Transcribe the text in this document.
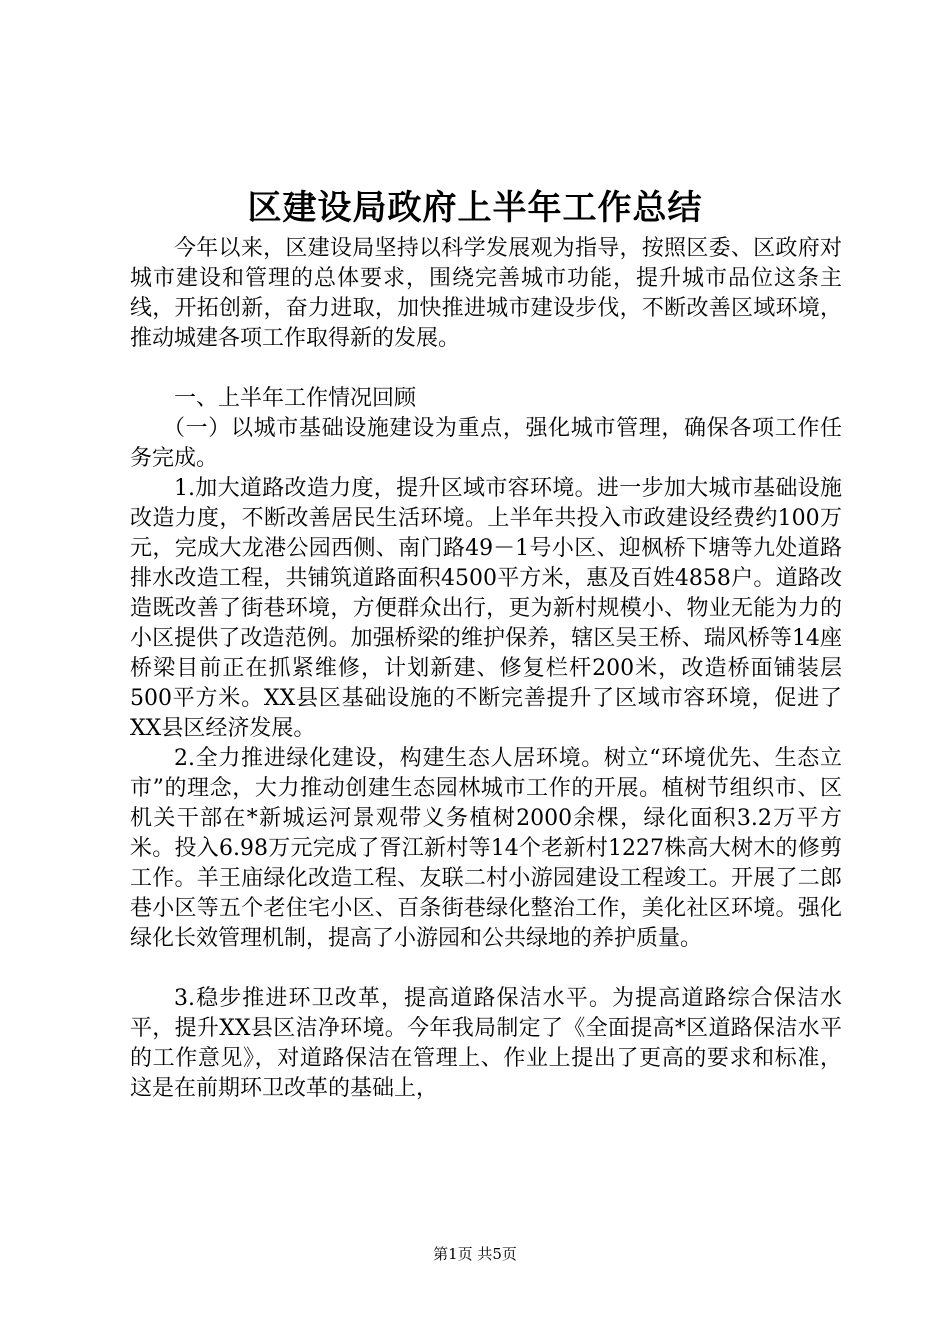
区建设局政府上半年工作总结

今年以来，区建设局坚持以科学发展观为指导，按照区委、区政府对城市建设和管理的总体要求，围绕完善城市功能，提升城市品位这条主线，开拓创新，奋力进取，加快推进城市建设步伐，不断改善区域环境，推动城建各项工作取得新的发展。

一、上半年工作情况回顾

（一）以城市基础设施建设为重点，强化城市管理，确保各项工作任务完成。

1.加大道路改造力度，提升区域市容环境。进一步加大城市基础设施改造力度，不断改善居民生活环境。上半年共投入市政建设经费约100万元，完成大龙港公园西侧、南门路49－1号小区、迎枫桥下塘等九处道路排水改造工程，共铺筑道路面积4500平方米，惠及百姓4858户。道路改造既改善了街巷环境，方便群众出行，更为新村规模小、物业无能为力的小区提供了改造范例。加强桥梁的维护保养，辖区吴王桥、瑞风桥等14座桥梁目前正在抓紧维修，计划新建、修复栏杆200米，改造桥面铺装层500平方米。XX县区基础设施的不断完善提升了区域市容环境，促进了XX县区经济发展。

2.全力推进绿化建设，构建生态人居环境。树立“环境优先、生态立市”的理念，大力推动创建生态园林城市工作的开展。植树节组织市、区机关干部在*新城运河景观带义务植树2000余棵，绿化面积3.2万平方米。投入6.98万元完成了胥江新村等14个老新村1227株高大树木的修剪工作。羊王庙绿化改造工程、友联二村小游园建设工程竣工。开展了二郎巷小区等五个老住宅小区、百条街巷绿化整治工作，美化社区环境。强化绿化长效管理机制，提高了小游园和公共绿地的养护质量。

3.稳步推进环卫改革，提高道路保洁水平。为提高道路综合保洁水平，提升XX县区洁净环境。今年我局制定了《全面提高*区道路保洁水平的工作意见》，对道路保洁在管理上、作业上提出了更高的要求和标准，这是在前期环卫改革的基础上，

第1页 共5页
